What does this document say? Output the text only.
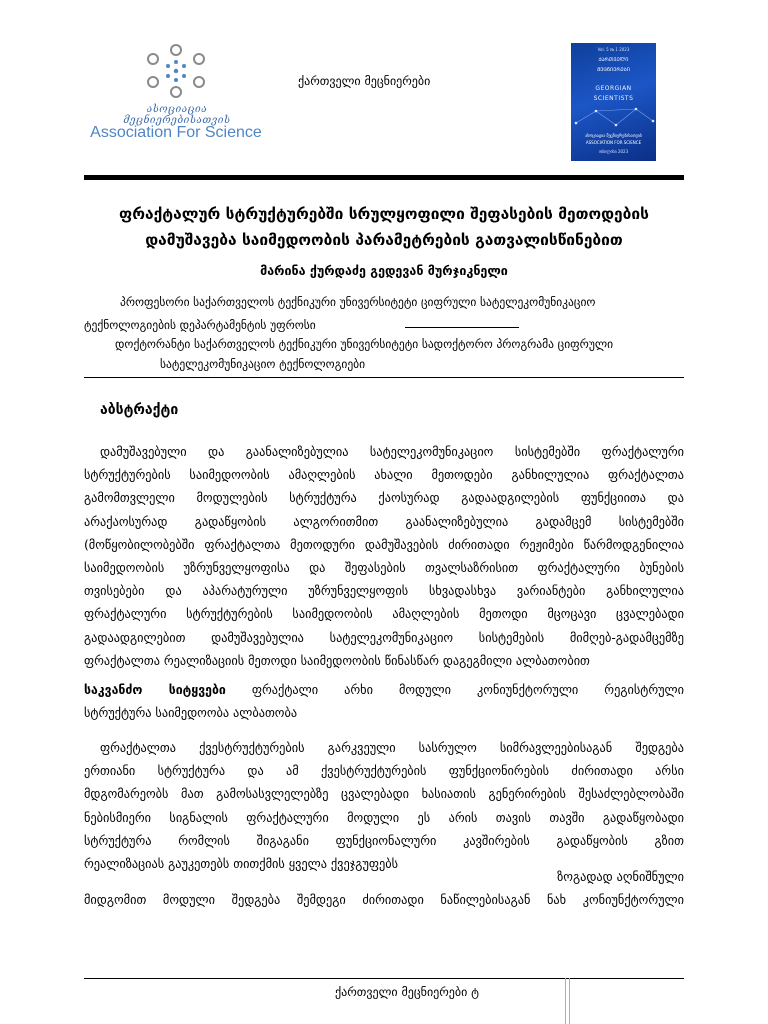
ასოციაცია მეცნიერებისათვის
Association For Science
ქართველი მეცნიერები
Vol. 5 № 1 2023
ᲥᲐᲠᲗᲕᲔᲚᲘ
ᲛᲔᲪᲜᲘᲔᲠᲔᲑᲘ
GEORGIAN
SCIENTISTS
ასოციაცია მეცნიერებისათვის
ASSOCIATION FOR SCIENCE
თბილისი 2023
ფრაქტალურ სტრუქტურებში სრულყოფილი შეფასების მეთოდების
დამუშავება საიმედოობის პარამეტრების გათვალისწინებით
მარინა ქურდაძე გედევან მურჯიკნელი
პროფესორი საქართველოს ტექნიკური უნივერსიტეტი ციფრული სატელეკომუნიკაციო
ტექნოლოგიების დეპარტამენტის უფროსი
დოქტორანტი საქართველოს ტექნიკური უნივერსიტეტი სადოქტორო პროგრამა ციფრული
სატელეკომუნიკაციო ტექნოლოგიები
აბსტრაქტი
დამუშავებული და გაანალიზებულია სატელეკომუნიკაციო სისტემებში ფრაქტალური
სტრუქტურების საიმედოობის ამაღლების ახალი მეთოდები განხილულია ფრაქტალთა
გამომთვლელი მოდულების სტრუქტურა ქაოსურად გადაადგილების ფუნქციითა და
არაქაოსურად გადაწყობის ალგორითმით გაანალიზებულია გადამცემ სისტემებში
(მოწყობილობებში ფრაქტალთა მეთოდური დამუშავების ძირითადი რეჟიმები წარმოდგენილია
საიმედოობის უზრუნველყოფისა და შეფასების თვალსაზრისით ფრაქტალური ბუნების
თვისებები და აპარატურული უზრუნველყოფის სხვადასხვა ვარიანტები განხილულია
ფრაქტალური სტრუქტურების საიმედოობის ამაღლების მეთოდი მცოცავი ცვალებადი
გადაადგილებით დამუშავებულია სატელეკომუნიკაციო სისტემების მიმღებ-გადამცემზე
ფრაქტალთა რეალიზაციის მეთოდი საიმედოობის წინასწარ დაგეგმილი ალბათობით
საკვანძო სიტყვები ფრაქტალი არხი მოდული კონიუნქტორული რეგისტრული
სტრუქტურა საიმედოობა ალბათობა
ფრაქტალთა ქვესტრუქტურების გარკვეული სასრულო სიმრავლეებისაგან შედგება
ერთიანი სტრუქტურა და ამ ქვესტრუქტურების ფუნქციონირების ძირითადი არსი
მდგომარეობს მათ გამოსასვლელებზე ცვალებადი ხასიათის გენერირების შესაძლებლობაში
ნებისმიერი სიგნალის ფრაქტალური მოდული ეს არის თავის თავში გადაწყობადი
სტრუქტურა რომლის შიგაგანი ფუნქციონალური კავშირების გადაწყობის გზით
რეალიზაციას გაუკეთებს თითქმის ყველა ქვეჯგუფებს
ზოგადად აღნიშნული
მიდგომით მოდული შედგება შემდეგი ძირითადი ნაწილებისაგან ნახ კონიუნქტორული
ქართველი მეცნიერები ტ
